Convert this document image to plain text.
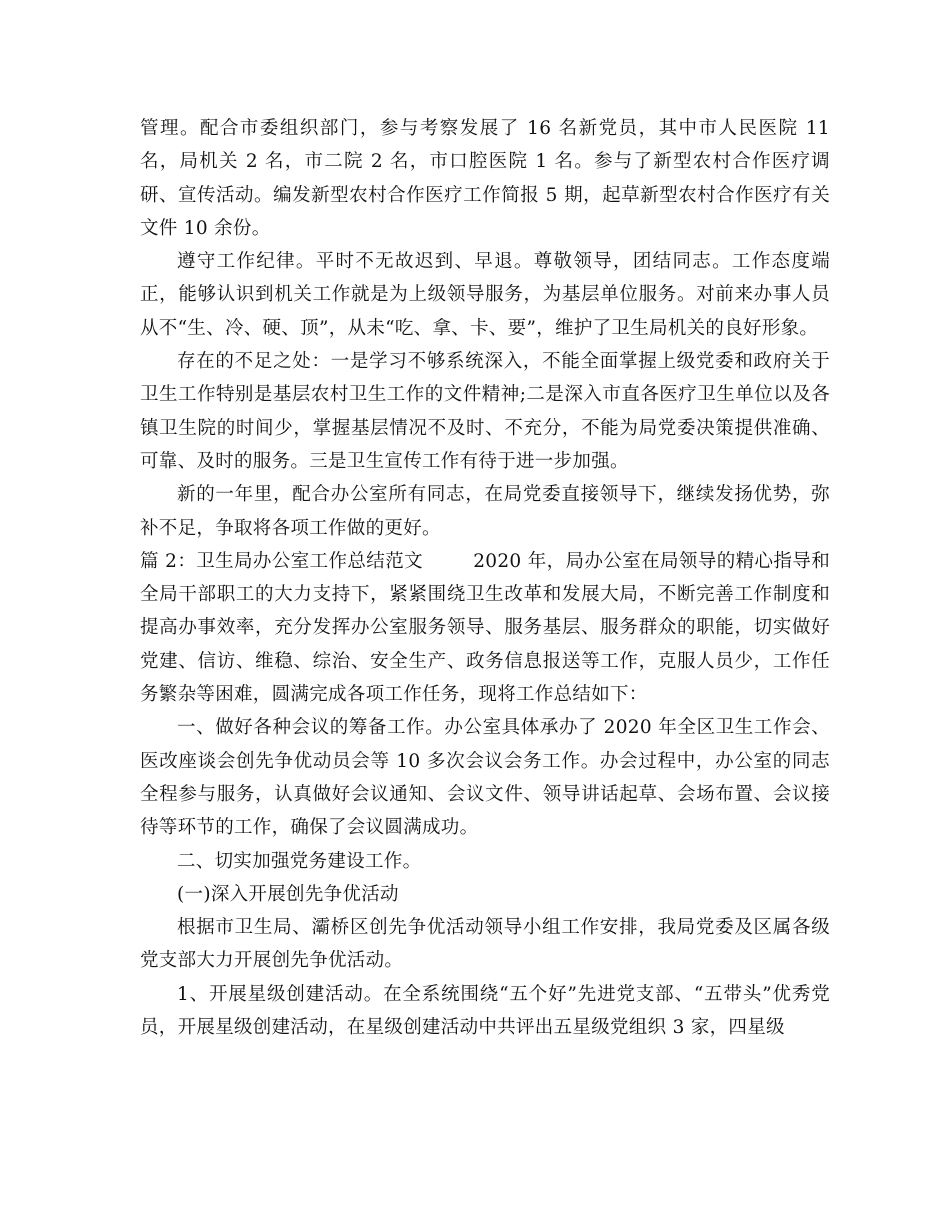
管理。配合市委组织部门，参与考察发展了 16 名新党员，其中市人民医院 11 名，局机关 2 名，市二院 2 名，市口腔医院 1 名。参与了新型农村合作医疗调研、宣传活动。编发新型农村合作医疗工作简报 5 期，起草新型农村合作医疗有关文件 10 余份。

遵守工作纪律。平时不无故迟到、早退。尊敬领导，团结同志。工作态度端正，能够认识到机关工作就是为上级领导服务，为基层单位服务。对前来办事人员从不“生、冷、硬、顶”，从未“吃、拿、卡、要”，维护了卫生局机关的良好形象。

存在的不足之处：一是学习不够系统深入，不能全面掌握上级党委和政府关于卫生工作特别是基层农村卫生工作的文件精神;二是深入市直各医疗卫生单位以及各镇卫生院的时间少，掌握基层情况不及时、不充分，不能为局党委决策提供准确、可靠、及时的服务。三是卫生宣传工作有待于进一步加强。

新的一年里，配合办公室所有同志，在局党委直接领导下，继续发扬优势，弥补不足，争取将各项工作做的更好。

篇 2：卫生局办公室工作总结范文        2020 年，局办公室在局领导的精心指导和全局干部职工的大力支持下，紧紧围绕卫生改革和发展大局，不断完善工作制度和提高办事效率，充分发挥办公室服务领导、服务基层、服务群众的职能，切实做好党建、信访、维稳、综治、安全生产、政务信息报送等工作，克服人员少，工作任务繁杂等困难，圆满完成各项工作任务，现将工作总结如下：

一、做好各种会议的筹备工作。办公室具体承办了 2020 年全区卫生工作会、医改座谈会创先争优动员会等 10 多次会议会务工作。办会过程中，办公室的同志全程参与服务，认真做好会议通知、会议文件、领导讲话起草、会场布置、会议接待等环节的工作，确保了会议圆满成功。

二、切实加强党务建设工作。

(一)深入开展创先争优活动

根据市卫生局、灞桥区创先争优活动领导小组工作安排，我局党委及区属各级党支部大力开展创先争优活动。

1、开展星级创建活动。在全系统围绕“五个好”先进党支部、“五带头”优秀党员，开展星级创建活动，在星级创建活动中共评出五星级党组织 3 家，四星级
